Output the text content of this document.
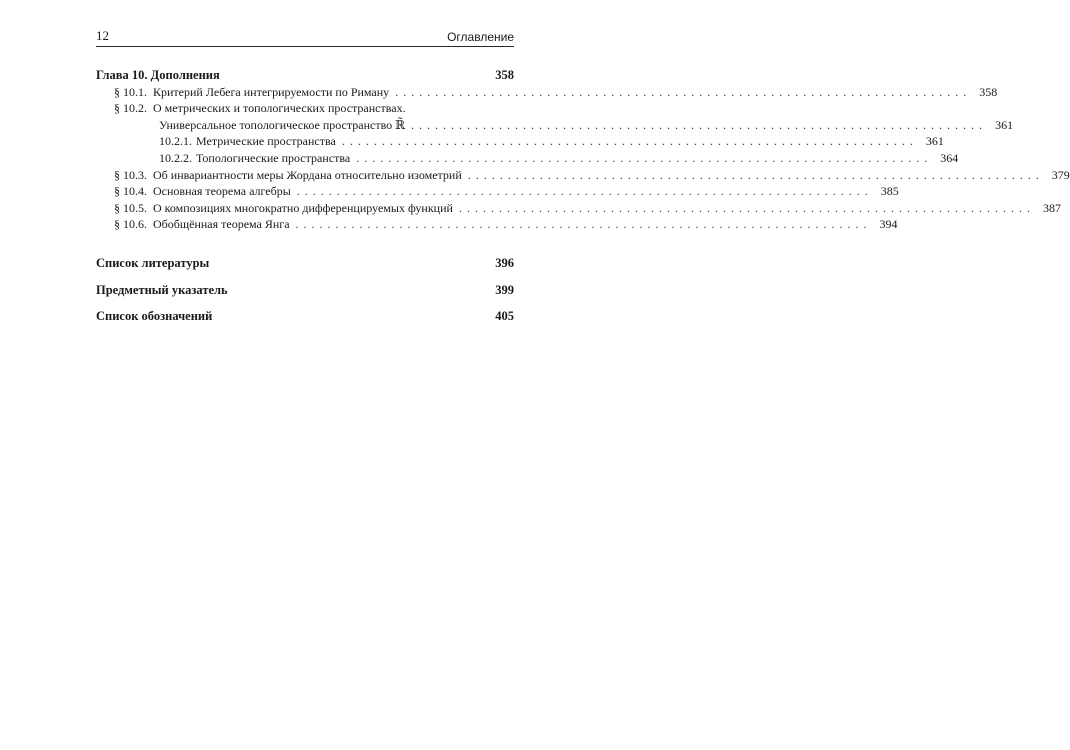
12	Оглавление
Глава 10. Дополнения	358
§ 10.1. Критерий Лебега интегрируемости по Риману ........................................................................ 358
§ 10.2. О метрических и топологических пространствах.
Универсальное топологическое пространство ℝ̃ ........................................................................ 361
10.2.1. Метрические пространства ........................................................................ 361
10.2.2. Топологические пространства ........................................................................ 364
§ 10.3. Об инвариантности меры Жордана относительно изометрий ........................................................................ 379
§ 10.4. Основная теорема алгебры ........................................................................ 385
§ 10.5. О композициях многократно дифференцируемых функций ........................................................................ 387
§ 10.6. Обобщённая теорема Янга ........................................................................ 394
Список литературы	396
Предметный указатель	399
Список обозначений	405
